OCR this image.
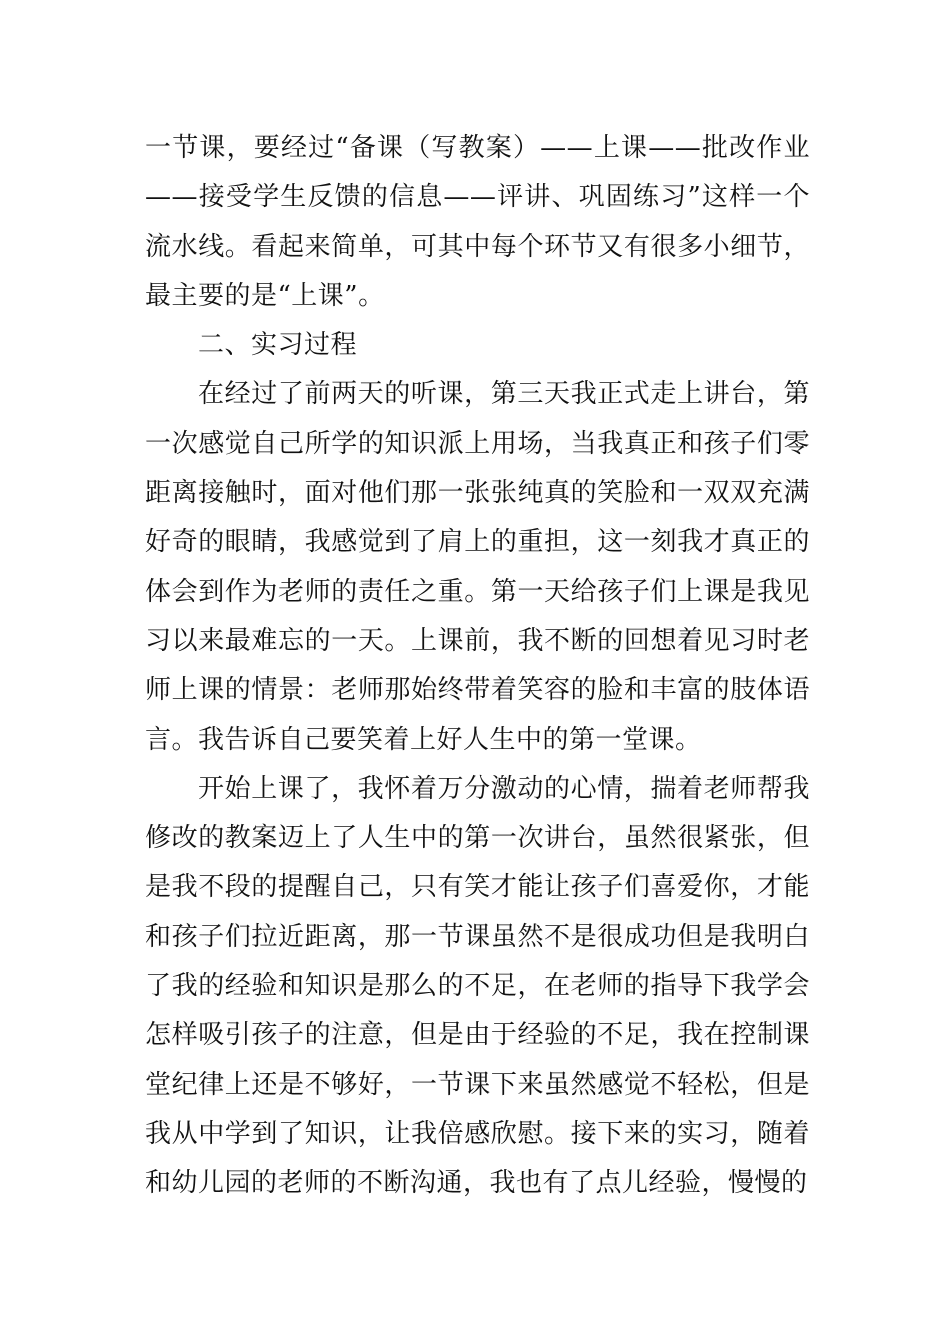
一节课，要经过“备课（写教案）——上课——批改作业——接受学生反馈的信息——评讲、巩固练习”这样一个流水线。看起来简单，可其中每个环节又有很多小细节，最主要的是“上课”。

二、实习过程

在经过了前两天的听课，第三天我正式走上讲台，第一次感觉自己所学的知识派上用场，当我真正和孩子们零距离接触时，面对他们那一张张纯真的笑脸和一双双充满好奇的眼睛，我感觉到了肩上的重担，这一刻我才真正的体会到作为老师的责任之重。第一天给孩子们上课是我见习以来最难忘的一天。上课前，我不断的回想着见习时老师上课的情景：老师那始终带着笑容的脸和丰富的肢体语言。我告诉自己要笑着上好人生中的第一堂课。

开始上课了，我怀着万分激动的心情，揣着老师帮我修改的教案迈上了人生中的第一次讲台，虽然很紧张，但是我不段的提醒自己，只有笑才能让孩子们喜爱你，才能和孩子们拉近距离，那一节课虽然不是很成功但是我明白了我的经验和知识是那么的不足，在老师的指导下我学会怎样吸引孩子的注意，但是由于经验的不足，我在控制课堂纪律上还是不够好，一节课下来虽然感觉不轻松，但是我从中学到了知识，让我倍感欣慰。接下来的实习，随着和幼儿园的老师的不断沟通，我也有了点儿经验，慢慢的
